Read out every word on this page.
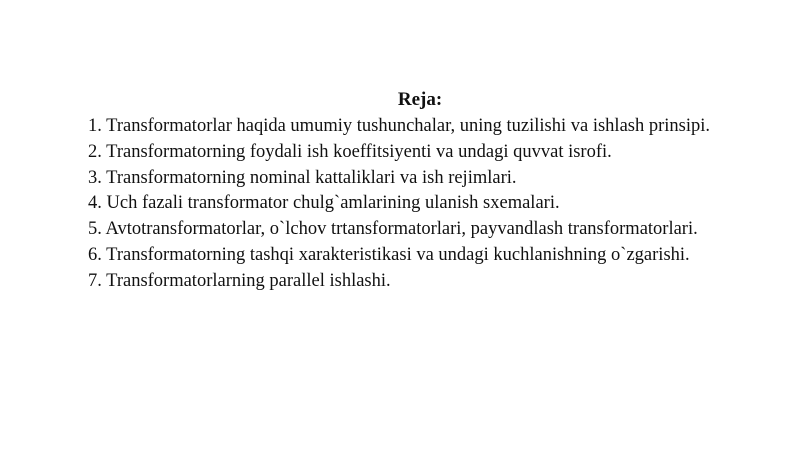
Reja:
1. Transformatorlar haqida umumiy tushunchalar, uning tuzilishi va ishlash prinsipi.
2. Transformatorning foydali ish koeffitsiyenti va undagi quvvat isrofi.
3. Transformatorning nominal kattaliklari va ish rejimlari.
4. Uch fazali transformator chulg`amlarining ulanish sxemalari.
5. Avtotransformatorlar, o`lchov trtansformatorlari, payvandlash transformatorlari.
6. Transformatorning tashqi xarakteristikasi va undagi kuchlanishning o`zgarishi.
7. Transformatorlarning parallel ishlashi.
